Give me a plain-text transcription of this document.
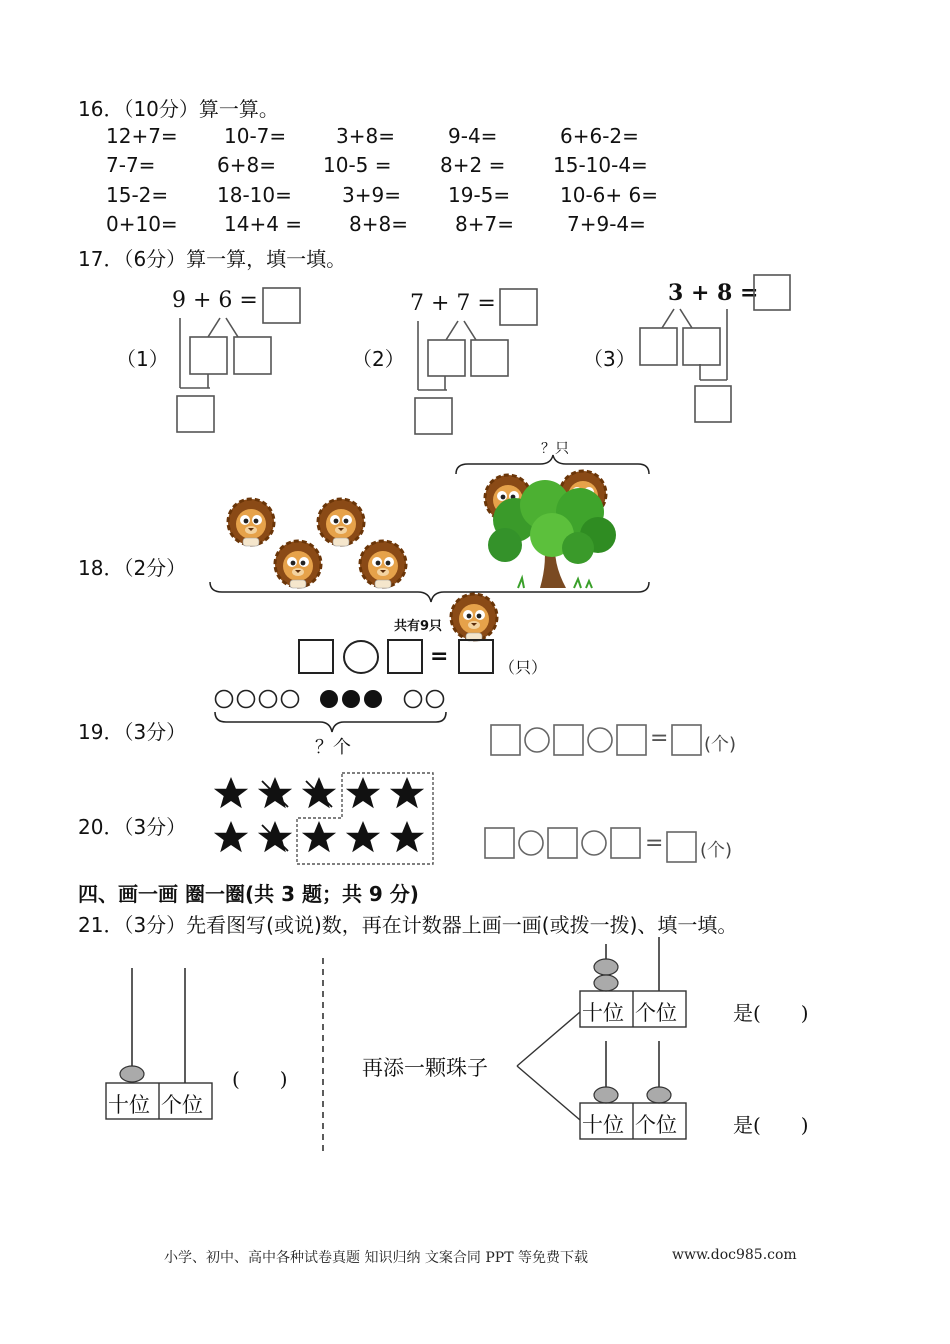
16．（10分）算一算。
12+7= 10-7= 3+8=	9-4=	6+6-2=
7-7=	6+8= 10-5 = 8+2 = 15-10-4=
15-2= 18-10=	3+9= 19-5= 10-6+ 6=
0+10= 14+4 = 8+8= 8+7=	7+9-4=
17．（6分）算一算，填一填。
（1）
9 + 6 =
（2）
7 + 7 =
（3）
3 + 8 =
18．（2分）
？只
共有9只
=	（只）
19．（3分）
？个	= (个)
20．（3分）
= (个)
四、画一画 圈一圈(共 3 题；共 9 分)
21．（3分）先看图写(或说)数，再在计数器上画一画(或拨一拨)、填一填。
十位 个位
(　　)	再添一颗珠子
十位 个位	是(　　)
十位 个位	是(　　)
小学、初中、高中各种试卷真题 知识归纳 文案合同 PPT 等免费下载	www.doc985.com
